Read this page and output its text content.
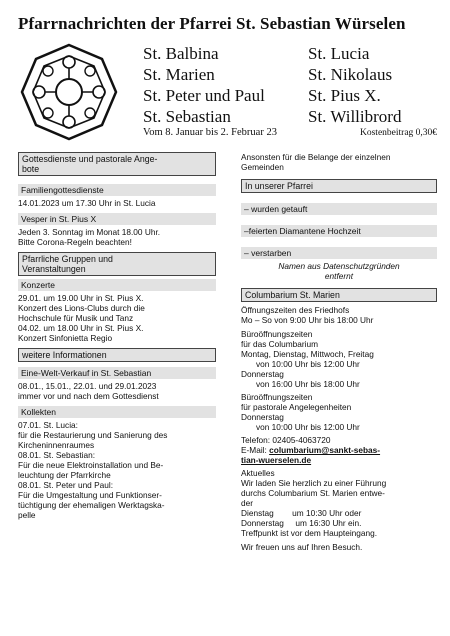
Pfarrnachrichten der Pfarrei St. Sebastian Würselen
St. Balbina
St. Marien
St. Peter und Paul
St. Sebastian
St. Lucia
St. Nikolaus
St. Pius X.
St. Willibrord
Vom 8. Januar bis 2. Februar 23	Kostenbeitrag 0,30€

Gottesdienste und pastorale Ange-

bote

Familiengottesdienste

14.01.2023 um 17.30 Uhr in St. Lucia

Vesper in St. Pius X

Jeden 3. Sonntag im Monat 18.00 Uhr.

Bitte Corona-Regeln beachten!

Pfarrliche Gruppen und

Veranstaltungen

Konzerte

29.01. um 19.00 Uhr in St. Pius X.

Konzert des Lions-Clubs durch die

Hochschule für Musik und Tanz

04.02. um 18.00 Uhr in St. Pius X.

Konzert Sinfonietta Regio

weitere Informationen
Eine-Welt-Verkauf in St. Sebastian

08.01., 15.01., 22.01. und 29.01.2023

immer vor und nach dem Gottesdienst

Kollekten

07.01. St. Lucia:

für die Restaurierung und Sanierung des

Kircheninnenraumes

08.01. St. Sebastian:

Für die neue Elektroinstallation und Be-

leuchtung der Pfarrkirche

08.01. St. Peter und Paul:

Für die Umgestaltung und Funktionser-

tüchtigung der ehemaligen Werktagska-

pelle

Ansonsten für die Belange der einzelnen

Gemeinden

In unserer Pfarrei
– wurden getauft
–feierten Diamantene Hochzeit
– verstarben

Namen aus Datenschutzgründen

entfernt

Columbarium St. Marien

Öffnungszeiten des Friedhofs

Mo – So von 9:00 Uhr bis 18:00 Uhr

Büroöffnungszeiten

für das Columbarium

Montag, Dienstag, Mittwoch, Freitag

von 10:00 Uhr bis 12:00 Uhr

Donnerstag

von 16:00 Uhr bis 18:00 Uhr

Büroöffnungszeiten

für pastorale Angelegenheiten

Donnerstag

von 10:00 Uhr bis 12:00 Uhr

Telefon: 02405-4063720

E-Mail: columbarium@sankt-sebas-

tian-wuerselen.de

Aktuelles

Wir laden Sie herzlich zu einer Führung

durchs Columbarium St. Marien entwe-

der

Dienstag        um 10:30 Uhr oder

Donnerstag     um 16:30 Uhr ein.

Treffpunkt ist vor dem Haupteingang.

Wir freuen uns auf Ihren Besuch.
